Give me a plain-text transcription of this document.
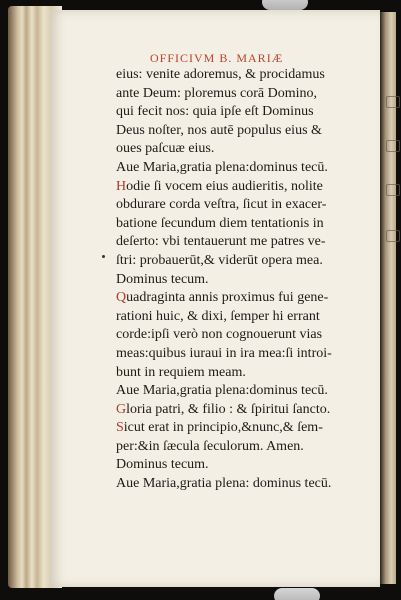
OFFICIVM B. MARIÆ
eius: venite adoremus, & procidamus
ante Deum: ploremus corā Domino,
qui fecit nos: quia ipſe eſt Dominus
Deus noſter, nos autē populus eius &
oues paſcuæ eius.
Aue Maria,gratia plena:dominus tecū.
Hodie ſi vocem eius audieritis, nolite
obdurare corda veſtra, ſicut in exacer-
batione ſecundum diem tentationis in
deſerto: vbi tentauerunt me patres ve-
ſtri: probauerūt,& viderūt opera mea.
Dominus tecum.
Quadraginta annis proximus fui gene-
rationi huic, & dixi, ſemper hi errant
corde:ipſi verò non cognouerunt vias
meas:quibus iuraui in ira mea:ſi introi-
bunt in requiem meam.
Aue Maria,gratia plena:dominus tecū.
Gloria patri, & filio : & ſpiritui ſancto.
Sicut erat in principio,&nunc,& ſem-
per:&in ſæcula ſeculorum. Amen.
Dominus tecum.
Aue Maria,gratia plena: dominus tecū.
